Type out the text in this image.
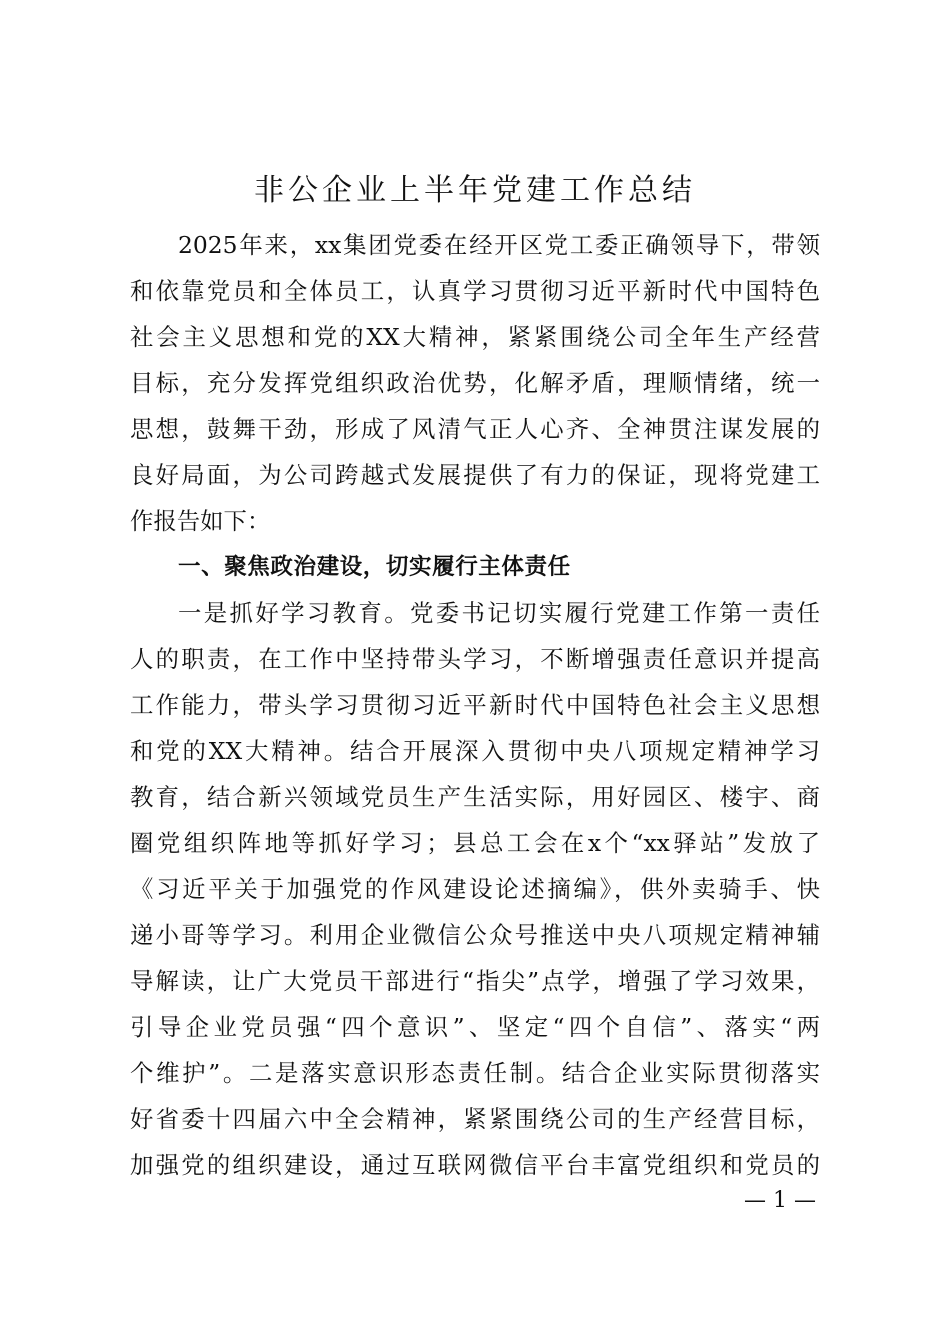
非公企业上半年党建工作总结
2025年来，xx集团党委在经开区党工委正确领导下，带领
和依靠党员和全体员工，认真学习贯彻习近平新时代中国特色
社会主义思想和党的XX大精神，紧紧围绕公司全年生产经营
目标，充分发挥党组织政治优势，化解矛盾，理顺情绪，统一
思想，鼓舞干劲，形成了风清气正人心齐、全神贯注谋发展的
良好局面，为公司跨越式发展提供了有力的保证，现将党建工
作报告如下：
一、聚焦政治建设，切实履行主体责任
一是抓好学习教育。党委书记切实履行党建工作第一责任
人的职责，在工作中坚持带头学习，不断增强责任意识并提高
工作能力，带头学习贯彻习近平新时代中国特色社会主义思想
和党的XX大精神。结合开展深入贯彻中央八项规定精神学习
教育，结合新兴领域党员生产生活实际，用好园区、楼宇、商
圈党组织阵地等抓好学习；县总工会在x个“xx驿站”发放了
《习近平关于加强党的作风建设论述摘编》，供外卖骑手、快
递小哥等学习。利用企业微信公众号推送中央八项规定精神辅
导解读，让广大党员干部进行“指尖”点学，增强了学习效果，
引导企业党员强“四个意识”、坚定“四个自信”、落实“两
个维护”。二是落实意识形态责任制。结合企业实际贯彻落实
好省委十四届六中全会精神，紧紧围绕公司的生产经营目标，
加强党的组织建设，通过互联网微信平台丰富党组织和党员的
— 1 —
